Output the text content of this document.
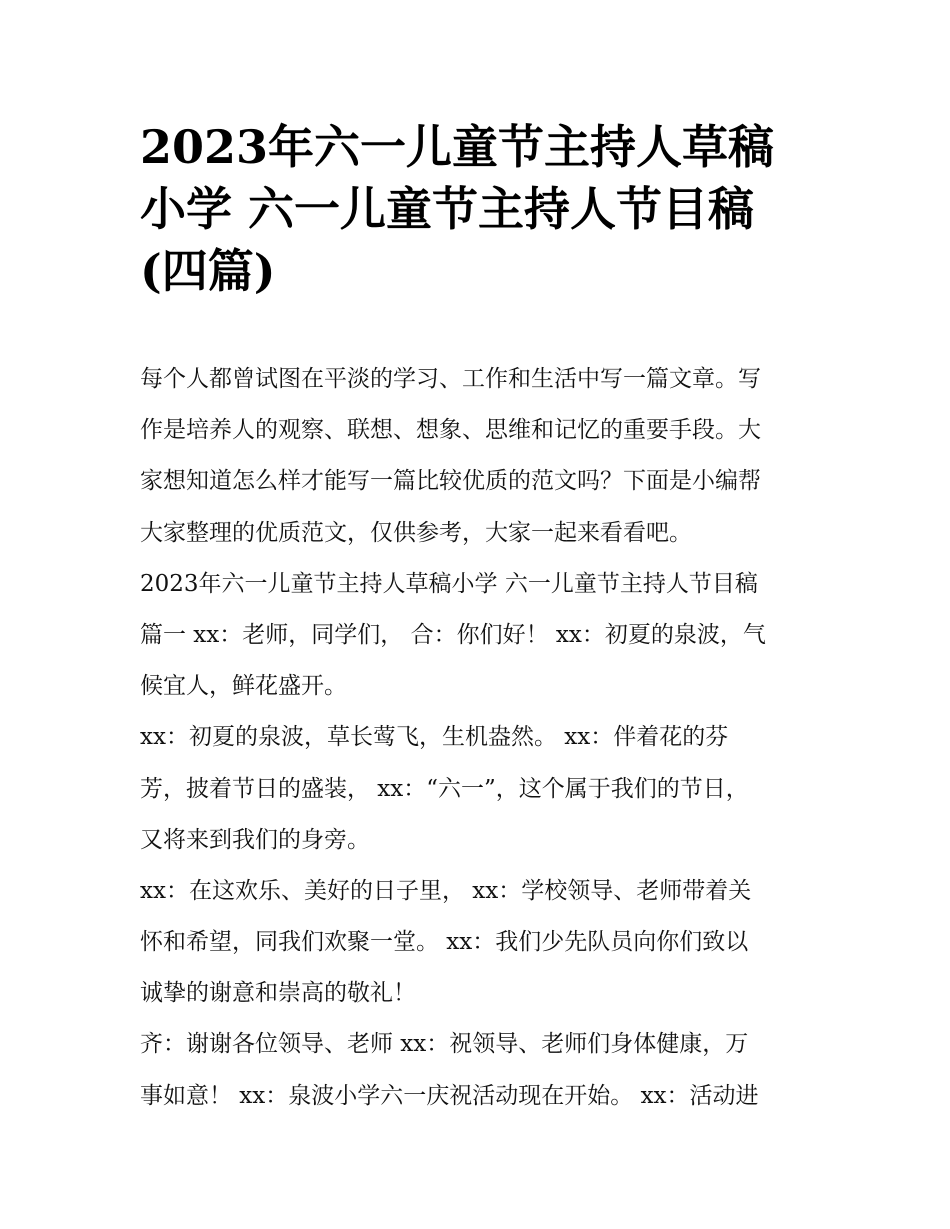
2023年六一儿童节主持人草稿
小学 六一儿童节主持人节目稿
(四篇)
每个人都曾试图在平淡的学习、工作和生活中写一篇文章。写
作是培养人的观察、联想、想象、思维和记忆的重要手段。大
家想知道怎么样才能写一篇比较优质的范文吗？下面是小编帮
大家整理的优质范文，仅供参考，大家一起来看看吧。
2023年六一儿童节主持人草稿小学 六一儿童节主持人节目稿
篇一 xx：老师，同学们， 合：你们好！ xx：初夏的泉波，气
候宜人，鲜花盛开。
xx：初夏的泉波，草长莺飞，生机盎然。 xx：伴着花的芬
芳，披着节日的盛装， xx：“六一”，这个属于我们的节日，
又将来到我们的身旁。
xx：在这欢乐、美好的日子里， xx：学校领导、老师带着关
怀和希望，同我们欢聚一堂。 xx：我们少先队员向你们致以
诚挚的谢意和崇高的敬礼！
齐：谢谢各位领导、老师 xx：祝领导、老师们身体健康，万
事如意！ xx：泉波小学六一庆祝活动现在开始。 xx：活动进
